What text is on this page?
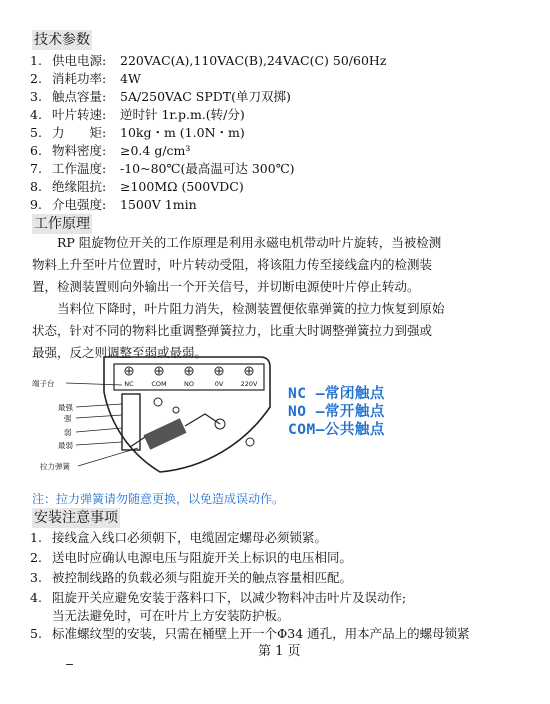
技术参数
1. 供电电源: 220VAC(A),110VAC(B),24VAC(C) 50/60Hz
2. 消耗功率: 4W
3. 触点容量: 5A/250VAC SPDT(单刀双掷)
4. 叶片转速: 逆时针 1r.p.m.(转/分)
5. 力　　矩: 10kg・m (1.0N・m)
6. 物料密度: ≥0.4 g/cm³
7. 工作温度: -10~80℃(最高温可达 300℃)
8. 绝缘阻抗: ≥100MΩ (500VDC)
9. 介电强度: 1500V 1min
工作原理
　　RP 阻旋物位开关的工作原理是利用永磁电机带动叶片旋转，当被检测
物料上升至叶片位置时，叶片转动受阻，将该阻力传至接线盒内的检测装
置，检测装置则向外输出一个开关信号，并切断电源使叶片停止转动。
　　当料位下降时，叶片阻力消失，检测装置便依靠弹簧的拉力恢复到原始
状态，针对不同的物料比重调整弹簧拉力，比重大时调整弹簧拉力到强或
最强，反之则调整至弱或最弱。
NC	COM	NO	0V	220V
端子台
最强
强
弱
最弱
拉力弹簧
NC —常闭触点
NO —常开触点
COM—公共触点
注：拉力弹簧请勿随意更换，以免造成误动作。
安装注意事项
1. 接线盒入线口必须朝下，电缆固定螺母必须锁紧。
2. 送电时应确认电源电压与阻旋开关上标识的电压相同。
3. 被控制线路的负载必须与阻旋开关的触点容量相匹配。
4. 阻旋开关应避免安装于落料口下，以减少物料冲击叶片及误动作;
当无法避免时，可在叶片上方安装防护板。
5. 标准螺纹型的安装，只需在桶壁上开一个Φ34 通孔，用本产品上的螺母锁紧
第 1 页
